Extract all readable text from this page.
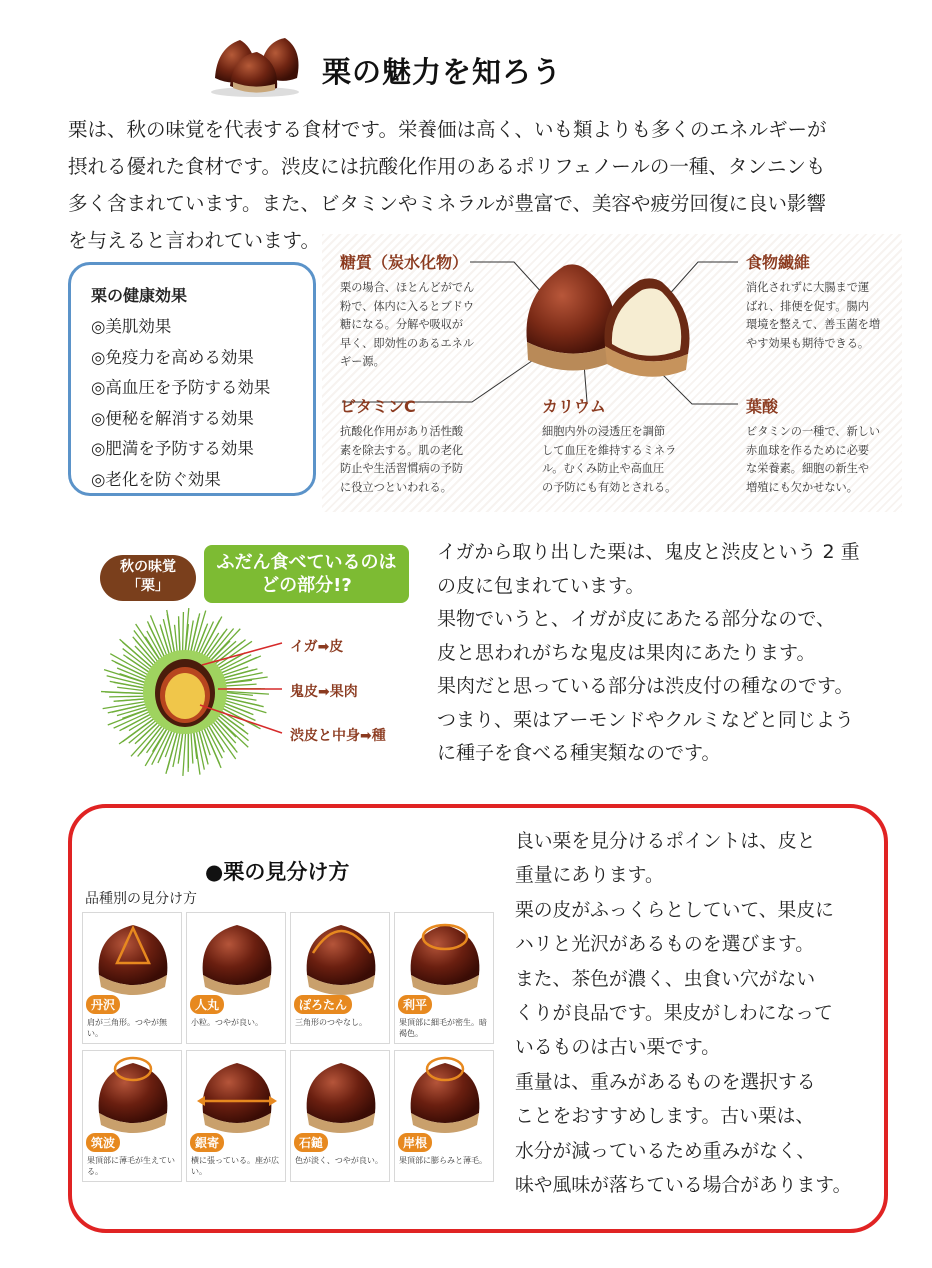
栗の魅力を知ろう

栗は、秋の味覚を代表する食材です。栄養価は高く、いも類よりも多くのエネルギーが

摂れる優れた食材です。渋皮には抗酸化作用のあるポリフェノールの一種、タンニンも

多く含まれています。また、ビタミンやミネラルが豊富で、美容や疲労回復に良い影響

を与えると言われています。

栗の健康効果
◎美肌効果
◎免疫力を高める効果
◎高血圧を予防する効果
◎便秘を解消する効果
◎肥満を予防する効果
◎老化を防ぐ効果
糖質（炭水化物）
栗の場合、ほとんどがでん
粉で、体内に入るとブドウ
糖になる。分解や吸収が
早く、即効性のあるエネル
ギー源。
食物繊維
消化されずに大腸まで運
ばれ、排便を促す。腸内
環境を整えて、善玉菌を増
やす効果も期待できる。
ビタミンC
抗酸化作用があり活性酸
素を除去する。肌の老化
防止や生活習慣病の予防
に役立つといわれる。
カリウム
細胞内外の浸透圧を調節
して血圧を維持するミネラ
ル。むくみ防止や高血圧
の予防にも有効とされる。
葉酸
ビタミンの一種で、新しい
赤血球を作るために必要
な栄養素。細胞の新生や
増殖にも欠かせない。
秋の味覚
「栗」
ふだん食べているのは
どの部分!?
イガ➡皮
鬼皮➡果肉
渋皮と中身➡種

イガから取り出した栗は、鬼皮と渋皮という 2 重

の皮に包まれています。

果物でいうと、イガが皮にあたる部分なので、

皮と思われがちな鬼皮は果肉にあたります。

果肉だと思っている部分は渋皮付の種なのです。

つまり、栗はアーモンドやクルミなどと同じよう

に種子を食べる種実類なのです。

●栗の見分け方
品種別の見分け方
丹沢
肩が三角形。つやが無い。
人丸
小粒。つやが良い。
ぽろたん
三角形のつやなし。
利平
果頂部に細毛が密生。暗褐色。
筑波
果頂部に薄毛が生えている。
銀寄
横に張っている。座が広い。
石鎚
色が淡く、つやが良い。
岸根
果頂部に膨らみと薄毛。

良い栗を見分けるポイントは、皮と

重量にあります。

栗の皮がふっくらとしていて、果皮に

ハリと光沢があるものを選びます。

また、茶色が濃く、虫食い穴がない

くりが良品です。果皮がしわになって

いるものは古い栗です。

重量は、重みがあるものを選択する

ことをおすすめします。古い栗は、

水分が減っているため重みがなく、

味や風味が落ちている場合があります。
